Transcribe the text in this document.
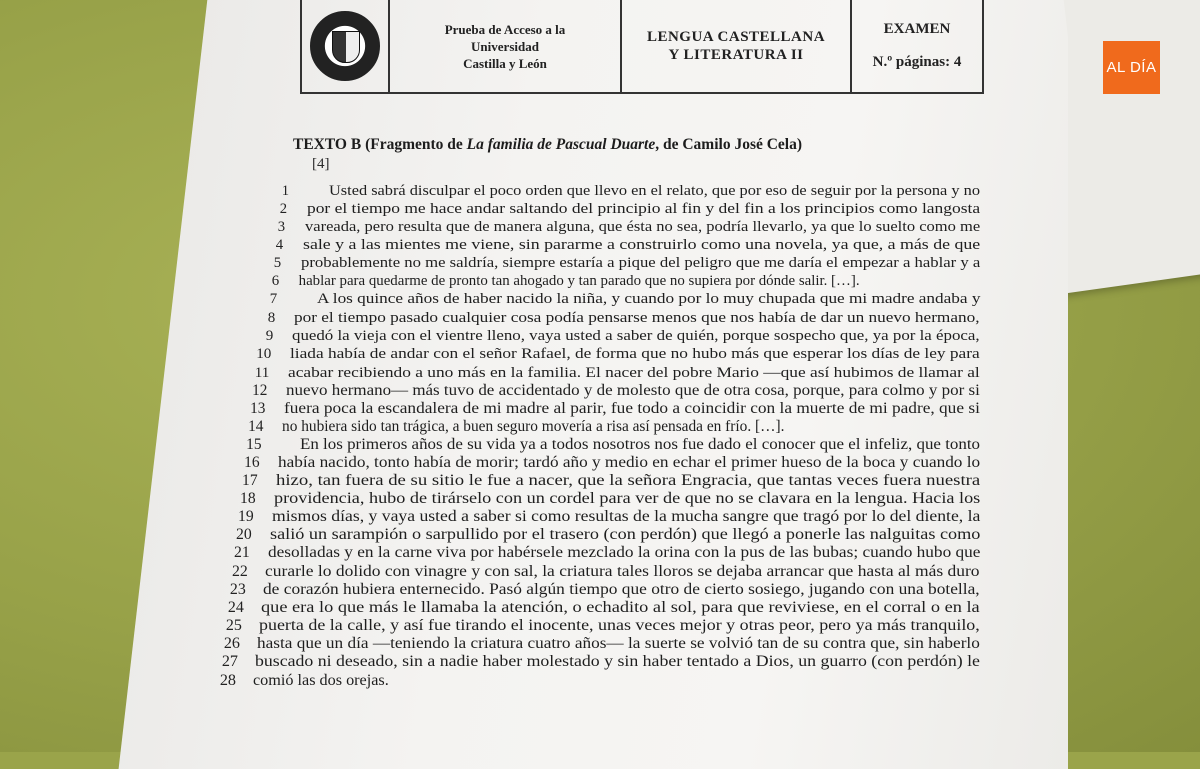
Prueba de Acceso a la
Universidad
Castilla y León
LENGUA CASTELLANA
Y LITERATURA II
EXAMEN
N.º páginas: 4	AL DÍA
TEXTO B (Fragmento de La familia de Pascual Duarte, de Camilo José Cela)
[4]
1	Usted sabrá disculpar el poco orden que llevo en el relato, que por eso de seguir por la persona y no
2 por el tiempo me hace andar saltando del principio al fin y del fin a los principios como langosta
3 vareada, pero resulta que de manera alguna, que ésta no sea, podría llevarlo, ya que lo suelto como me
4 sale y a las mientes me viene, sin pararme a construirlo como una novela, ya que, a más de que
5 probablemente no me saldría, siempre estaría a pique del peligro que me daría el empezar a hablar y a
6 hablar para quedarme de pronto tan ahogado y tan parado que no supiera por dónde salir. […].
7	A los quince años de haber nacido la niña, y cuando por lo muy chupada que mi madre andaba y
8 por el tiempo pasado cualquier cosa podía pensarse menos que nos había de dar un nuevo hermano,
9 quedó la vieja con el vientre lleno, vaya usted a saber de quién, porque sospecho que, ya por la época,
10 liada había de andar con el señor Rafael, de forma que no hubo más que esperar los días de ley para
11 acabar recibiendo a uno más en la familia. El nacer del pobre Mario —que así hubimos de llamar al
12 nuevo hermano— más tuvo de accidentado y de molesto que de otra cosa, porque, para colmo y por si
13 fuera poca la escandalera de mi madre al parir, fue todo a coincidir con la muerte de mi padre, que si
14 no hubiera sido tan trágica, a buen seguro movería a risa así pensada en frío. […].
15 En los primeros años de su vida ya a todos nosotros nos fue dado el conocer que el infeliz, que tonto
16 había nacido, tonto había de morir; tardó año y medio en echar el primer hueso de la boca y cuando lo
17 hizo, tan fuera de su sitio le fue a nacer, que la señora Engracia, que tantas veces fuera nuestra
18 providencia, hubo de tirárselo con un cordel para ver de que no se clavara en la lengua. Hacia los
19 mismos días, y vaya usted a saber si como resultas de la mucha sangre que tragó por lo del diente, la
20 salió un sarampión o sarpullido por el trasero (con perdón) que llegó a ponerle las nalguitas como
21 desolladas y en la carne viva por habérsele mezclado la orina con la pus de las bubas; cuando hubo que
22 curarle lo dolido con vinagre y con sal, la criatura tales lloros se dejaba arrancar que hasta al más duro
23 de corazón hubiera enternecido. Pasó algún tiempo que otro de cierto sosiego, jugando con una botella,
24 que era lo que más le llamaba la atención, o echadito al sol, para que reviviese, en el corral o en la
25 puerta de la calle, y así fue tirando el inocente, unas veces mejor y otras peor, pero ya más tranquilo,
26 hasta que un día —teniendo la criatura cuatro años— la suerte se volvió tan de su contra que, sin haberlo
27 buscado ni deseado, sin a nadie haber molestado y sin haber tentado a Dios, un guarro (con perdón) le
28 comió las dos orejas.
